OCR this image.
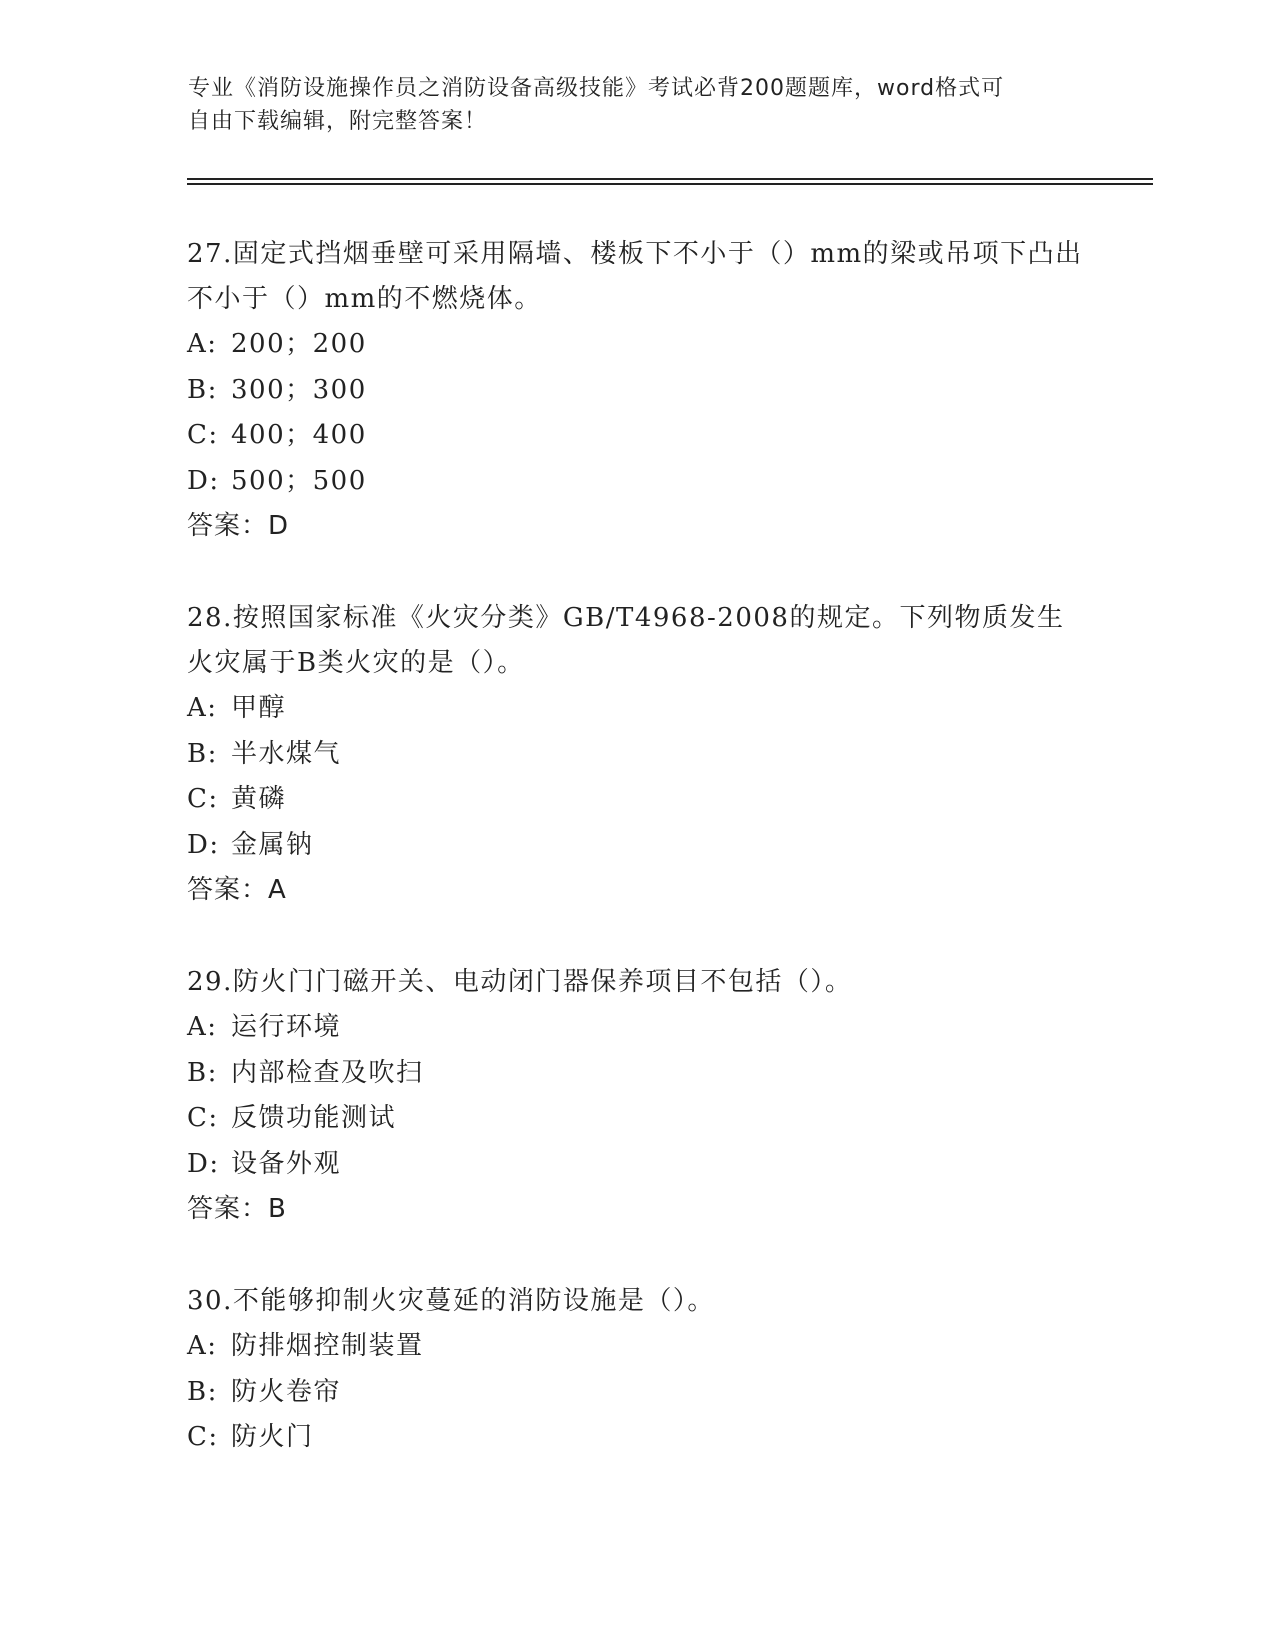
专业《消防设施操作员之消防设备高级技能》考试必背200题题库，word格式可
自由下载编辑，附完整答案！

27.固定式挡烟垂壁可采用隔墙、楼板下不小于（）mm的梁或吊项下凸出不小于（）mm的不燃烧体。

A: 200；200

B: 300；300

C: 400；400

D: 500；500

答案：D

28.按照国家标准《火灾分类》GB/T4968-2008的规定。下列物质发生火灾属于B类火灾的是（）。

A: 甲醇

B: 半水煤气

C: 黄磷

D: 金属钠

答案：A

29.防火门门磁开关、电动闭门器保养项目不包括（）。

A: 运行环境

B: 内部检查及吹扫

C: 反馈功能测试

D: 设备外观

答案：B

30.不能够抑制火灾蔓延的消防设施是（）。

A: 防排烟控制装置

B: 防火卷帘

C: 防火门
